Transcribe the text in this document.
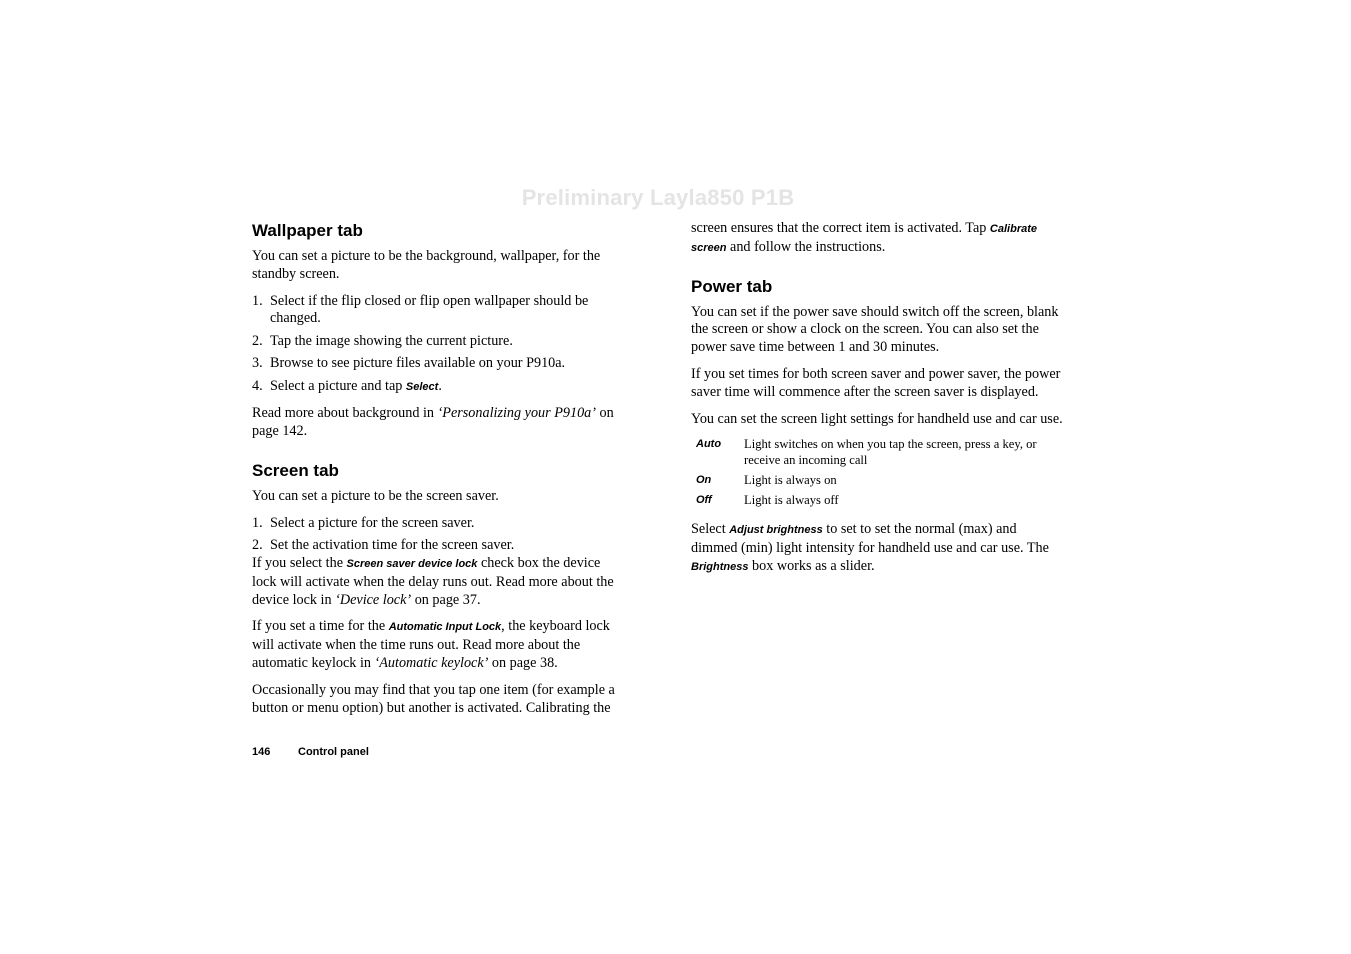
Preliminary Layla850 P1B
Wallpaper tab

You can set a picture to be the background, wallpaper, for the standby screen.

1. Select if the flip closed or flip open wallpaper should be changed.
2. Tap the image showing the current picture.
3. Browse to see picture files available on your P910a.
4. Select a picture and tap Select.

Read more about background in ‘Personalizing your P910a’ on page 142.

Screen tab

You can set a picture to be the screen saver.

1. Select a picture for the screen saver.
2. Set the activation time for the screen saver.

If you select the Screen saver device lock check box the device lock will activate when the delay runs out. Read more about the device lock in ‘Device lock’ on page 37.

If you set a time for the Automatic Input Lock, the keyboard lock will activate when the time runs out. Read more about the automatic keylock in ‘Automatic keylock’ on page 38.

Occasionally you may find that you tap one item (for example a button or menu option) but another is activated. Calibrating the

screen ensures that the correct item is activated. Tap Calibrate screen and follow the instructions.

Power tab

You can set if the power save should switch off the screen, blank the screen or show a clock on the screen. You can also set the power save time between 1 and 30 minutes.

If you set times for both screen saver and power saver, the power saver time will commence after the screen saver is displayed.

You can set the screen light settings for handheld use and car use.

Auto	Light switches on when you tap the screen, press a key, or receive an incoming call
On	Light is always on
Off	Light is always off

Select Adjust brightness to set to set the normal (max) and dimmed (min) light intensity for handheld use and car use. The Brightness box works as a slider.

146	Control panel
